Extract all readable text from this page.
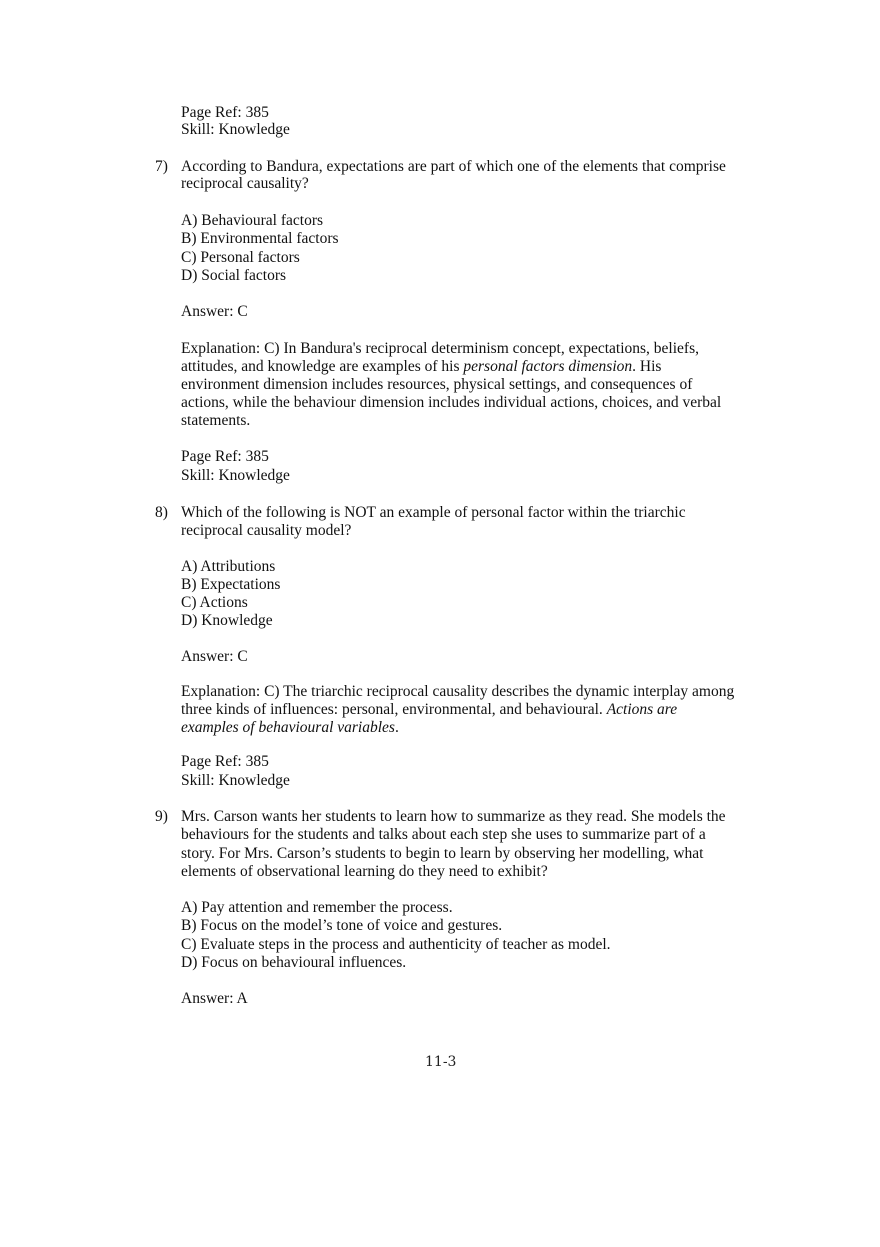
11-3
Page Ref: 385
Skill: Knowledge
7) According to Bandura, expectations are part of which one of the elements that comprise
reciprocal causality?
A) Behavioural factors
B) Environmental factors
C) Personal factors
D) Social factors
Answer: C
Explanation: C) In Bandura's reciprocal determinism concept, expectations, beliefs,
attitudes, and knowledge are examples of his personal factors dimension. His
environment dimension includes resources, physical settings, and consequences of
actions, while the behaviour dimension includes individual actions, choices, and verbal
statements.
Page Ref: 385
Skill: Knowledge
8) Which of the following is NOT an example of personal factor within the triarchic
reciprocal causality model?
A) Attributions
B) Expectations
C) Actions
D) Knowledge
Answer: C
Explanation: C) The triarchic reciprocal causality describes the dynamic interplay among
three kinds of influences: personal, environmental, and behavioural. Actions are
examples of behavioural variables.
Page Ref: 385
Skill: Knowledge
9) Mrs. Carson wants her students to learn how to summarize as they read. She models the
behaviours for the students and talks about each step she uses to summarize part of a
story. For Mrs. Carson’s students to begin to learn by observing her modelling, what
elements of observational learning do they need to exhibit?
A) Pay attention and remember the process.
B) Focus on the model’s tone of voice and gestures.
C) Evaluate steps in the process and authenticity of teacher as model.
D) Focus on behavioural influences.
Answer: A
